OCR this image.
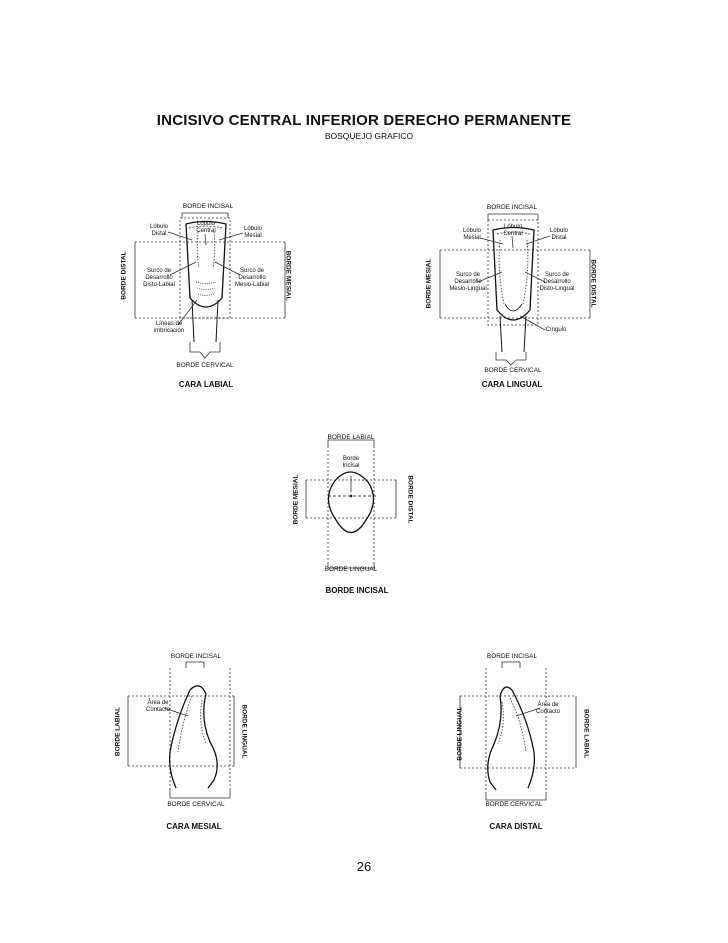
INCISIVO CENTRAL INFERIOR DERECHO PERMANENTE
BOSQUEJO GRAFICO
BORDE INCISAL
Lóbulo Distal
Lóbulo Central	Lóbulo Mesial
Surco de Desarrollo Disto-Labial
Surco de Desarrollo Mesio-Labial
Líneas de imbricación
BORDE DISTAL	BORDE MESIAL
BORDE CERVICAL
CARA LABIAL
BORDE INCISAL
Lóbulo Mesial
Lóbulo Central	Lóbulo Distal
Surco de Desarrollo Mesio-Lingual
Surco de Desarrollo Disto-Lingual
Cíngulo
BORDE MESIAL	BORDE DISTAL
BORDE CERVICAL
CARA LINGUAL
BORDE LABIAL
Borde Incisal
BORDE MESIAL	BORDE DISTAL
BORDE LINGUAL
BORDE INCISAL
BORDE INCISAL
Área de Contacto
BORDE LABIAL	BORDE LINGUAL
BORDE CERVICAL
CARA MESIAL
BORDE INCISAL
Área de Contacto
BORDE LINGUAL	BORDE LABIAL
BORDE CERVICAL
CARA DISTAL
26
